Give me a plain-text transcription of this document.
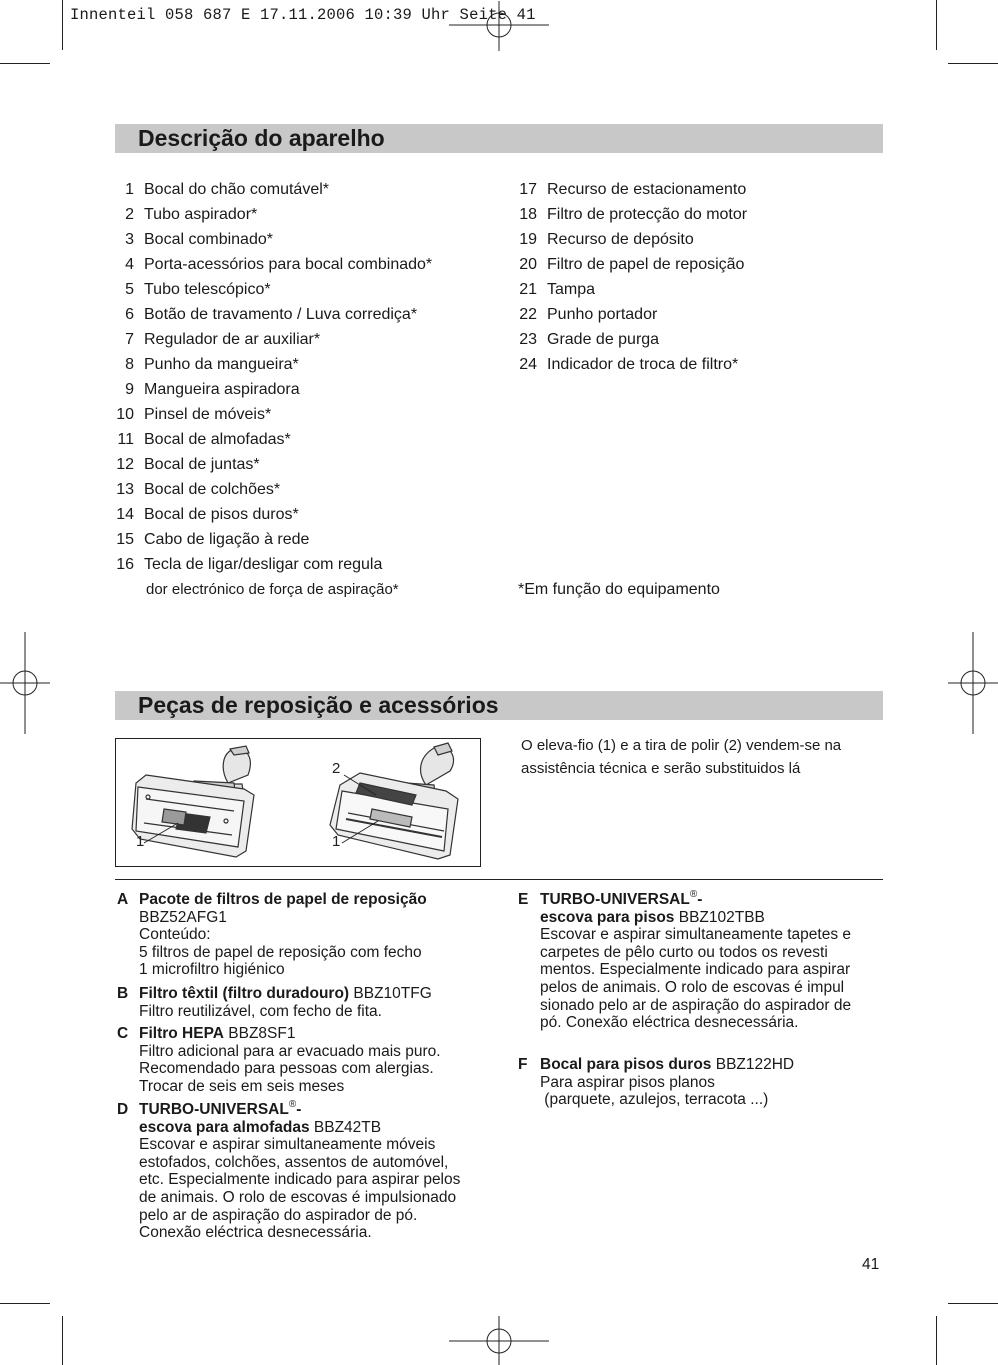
Innenteil 058 687 E 17.11.2006 10:39 Uhr Seite 41
Descrição do aparelho
1 Bocal do chão comutável*
2 Tubo aspirador*
3 Bocal combinado*
4 Porta-acessórios para bocal combinado*
5 Tubo telescópico*
6 Botão de travamento / Luva corrediça*
7 Regulador de ar auxiliar*
8 Punho da mangueira*
9 Mangueira aspiradora
10 Pinsel de móveis*
11 Bocal de almofadas*
12 Bocal de juntas*
13 Bocal de colchões*
14 Bocal de pisos duros*
15 Cabo de ligação à rede
16 Tecla de ligar/desligar com regula
dor electrónico de força de aspiração*
17 Recurso de estacionamento
18 Filtro de protecção do motor
19 Recurso de depósito
20 Filtro de papel de reposição
21 Tampa
22 Punho portador
23 Grade de purga
24 Indicador de troca de filtro*
*Em função do equipamento
Peças de reposição e acessórios
1
2
1
O eleva-fio (1) e a tira de polir (2) vendem-se na
assistência técnica e serão substituidos lá
A Pacote de filtros de papel de reposição
BBZ52AFG1
Conteúdo:
5 filtros de papel de reposição com fecho
1 microfiltro higiénico
B Filtro têxtil (filtro duradouro) BBZ10TFG
Filtro reutilizável, com fecho de fita.
C Filtro HEPA BBZ8SF1
Filtro adicional para ar evacuado mais puro.
Recomendado para pessoas com alergias.
Trocar de seis em seis meses
D TURBO-UNIVERSAL®-
escova para almofadas BBZ42TB
Escovar e aspirar simultaneamente móveis
estofados, colchões, assentos de automóvel,
etc. Especialmente indicado para aspirar pelos
de animais. O rolo de escovas é impulsionado
pelo ar de aspiração do aspirador de pó.
Conexão eléctrica desnecessária.
E TURBO-UNIVERSAL®-
escova para pisos BBZ102TBB
Escovar e aspirar simultaneamente tapetes e
carpetes de pêlo curto ou todos os revesti
mentos. Especialmente indicado para aspirar
pelos de animais. O rolo de escovas é impul
sionado pelo ar de aspiração do aspirador de
pó. Conexão eléctrica desnecessária.
F Bocal para pisos duros BBZ122HD
Para aspirar pisos planos
(parquete, azulejos, terracota ...)
41
